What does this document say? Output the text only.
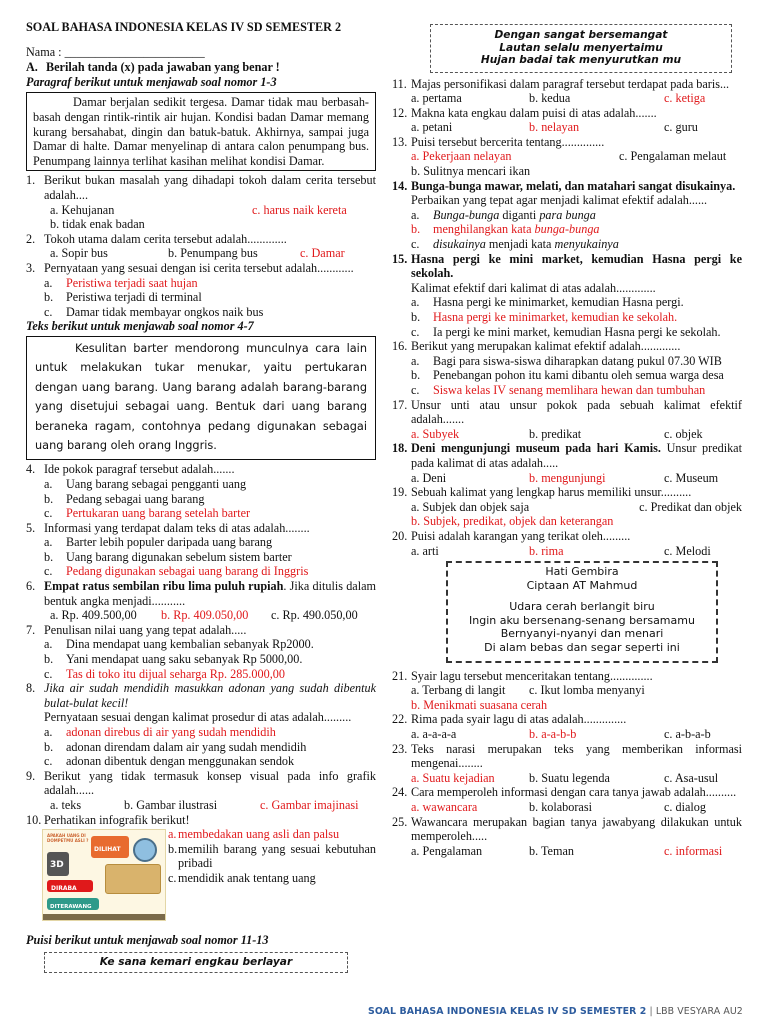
SOAL BAHASA INDONESIA KELAS IV SD SEMESTER 2
Nama : _______________________
A. Berilah tanda (x) pada jawaban yang benar !
Paragraf berikut untuk menjawab soal nomor 1-3

Damar berjalan sedikit tergesa. Damar tidak mau berbasah-basah dengan rintik-rintik air hujan. Kondisi badan Damar memang kurang bersahabat, dingin dan batuk-batuk. Akhirnya, sampai juga Damar di halte. Damar menyelinap di antara calon penumpang bus. Penumpang lainnya terlihat kasihan melihat kondisi Damar.

1. Berikut bukan masalah yang dihadapi tokoh dalam cerita tersebut adalah....
a. Kehujanan	c. harus naik kereta
b. tidak enak badan
2. Tokoh utama dalam cerita tersebut adalah.............
a. Sopir bus	b. Penumpang bus	c. Damar
3. Pernyataan yang sesuai dengan isi cerita tersebut adalah............
a.	Peristiwa terjadi saat hujan
b.	Peristiwa terjadi di terminal
c.	Damar tidak membayar ongkos naik bus
Teks berikut untuk menjawab soal nomor 4-7

Kesulitan barter mendorong munculnya cara lain untuk melakukan tukar menukar, yaitu pertukaran dengan uang barang. Uang barang adalah barang-barang yang disetujui sebagai uang. Bentuk dari uang barang beraneka ragam, contohnya pedang digunakan sebagai uang barang oleh orang Inggris.

4. Ide pokok paragraf tersebut adalah.......
a.	Uang barang sebagai pengganti uang
b.	Pedang sebagai uang barang
c.	Pertukaran uang barang setelah barter
5. Informasi yang terdapat dalam teks di atas adalah........
a.	Barter lebih populer daripada uang barang
b.	Uang barang digunakan sebelum sistem barter
c.	Pedang digunakan sebagai uang barang di Inggris
6. Empat ratus sembilan ribu lima puluh rupiah. Jika ditulis dalam bentuk angka menjadi...........
a. Rp. 409.500,00	b. Rp. 409.050,00	c. Rp. 490.050,00
7. Penulisan nilai uang yang tepat adalah.....
a.	Dina mendapat uang kembalian sebanyak Rp2000.
b.	Yani mendapat uang saku sebanyak Rp 5000,00.
c.	Tas di toko itu dijual seharga Rp. 285.000,00
8. Jika air sudah mendidih masukkan adonan yang sudah dibentuk bulat-bulat kecil!
Pernyataan sesuai dengan kalimat prosedur di atas adalah.........
a.	adonan direbus di air yang sudah mendidih
b.	adonan direndam dalam air yang sudah mendidih
c.	adonan dibentuk dengan menggunakan sendok
9. Berikut yang tidak termasuk konsep visual pada info grafik adalah......
a. teks	b. Gambar ilustrasi	c. Gambar imajinasi
10. Perhatikan infografik berikut!
APAKAH UANG DI DOMPETMU ASLI ?
3D
DILIHAT
DIRABA
DITERAWANG
a. membedakan uang asli dan palsu
b. memilih barang yang sesuai kebutuhan pribadi
c. mendidik anak tentang uang
Puisi berikut untuk menjawab soal nomor 11-13
Ke sana kemari engkau berlayar
Dengan sangat bersemangat
Lautan selalu menyertaimu
Hujan badai tak menyurutkan mu
11. Majas personifikasi dalam paragraf tersebut terdapat pada baris...
a. pertama	b. kedua	c. ketiga
12. Makna kata engkau dalam puisi di atas adalah.......
a. petani	b. nelayan	c. guru
13. Puisi tersebut bercerita tentang..............
a. Pekerjaan nelayan	c. Pengalaman melaut
b. Sulitnya mencari ikan
14. Bunga-bunga mawar, melati, dan matahari sangat disukainya.
Perbaikan yang tepat agar menjadi kalimat efektif adalah......
a.	Bunga-bunga diganti para bunga
b.	menghilangkan kata bunga-bunga
c.	disukainya menjadi kata menyukainya
15. Hasna pergi ke mini market, kemudian Hasna pergi ke sekolah.
Kalimat efektif dari kalimat di atas adalah.............
a.	Hasna pergi ke minimarket, kemudian Hasna pergi.
b.	Hasna pergi ke minimarket, kemudian ke sekolah.
c.	Ia pergi ke mini market, kemudian Hasna pergi ke sekolah.
16. Berikut yang merupakan kalimat efektif adalah.............
a.	Bagi para siswa-siswa diharapkan datang pukul 07.30 WIB
b.	Penebangan pohon itu kami dibantu oleh semua warga desa
c.	Siswa kelas IV senang memlihara hewan dan tumbuhan
17. Unsur unti atau unsur pokok pada sebuah kalimat efektif adalah.......
a. Subyek	b. predikat	c. objek
18. Deni mengunjungi museum pada hari Kamis. Unsur predikat pada kalimat di atas adalah.....
a. Deni	b. mengunjungi	c. Museum
19. Sebuah kalimat yang lengkap harus memiliki unsur..........
a. Subjek dan objek saja	c. Predikat dan objek
b. Subjek, predikat, objek dan keterangan
20. Puisi adalah karangan yang terikat oleh.........
a. arti	b. rima	c. Melodi
Hati Gembira
Ciptaan AT Mahmud
Udara cerah berlangit biru
Ingin aku bersenang-senang bersamamu
Bernyanyi-nyanyi dan menari
Di alam bebas dan segar seperti ini
21. Syair lagu tersebut menceritakan tentang..............
a. Terbang di langit	c. Ikut lomba menyanyi
b. Menikmati suasana cerah
22. Rima pada syair lagu di atas adalah..............
a. a-a-a-a	b. a-a-b-b	c. a-b-a-b
23. Teks narasi merupakan teks yang memberikan informasi mengenai........
a. Suatu kejadian	b. Suatu legenda	c. Asa-usul
24. Cara memperoleh informasi dengan cara tanya jawab adalah..........
a. wawancara	b. kolaborasi	c. dialog
25. Wawancara merupakan bagian tanya jawabyang dilakukan untuk memperoleh.....
a. Pengalaman	b. Teman	c. informasi
SOAL BAHASA INDONESIA KELAS IV SD SEMESTER 2 | LBB VESYARA AU2
